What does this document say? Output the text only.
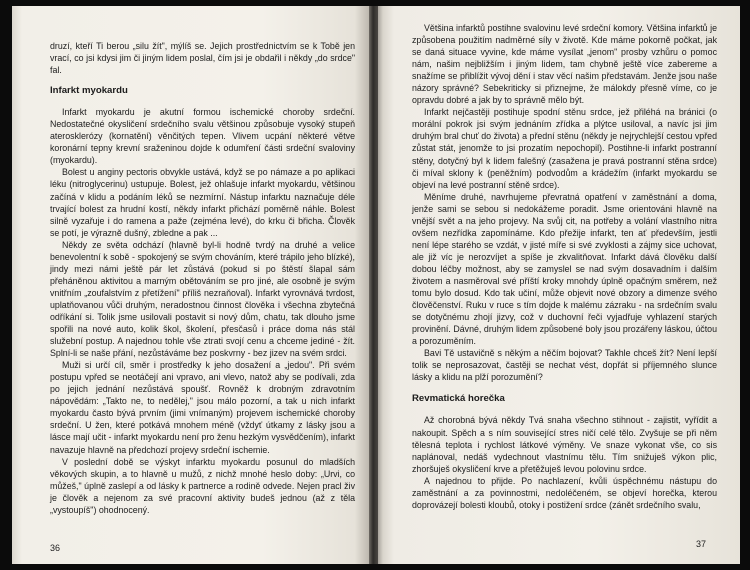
druzí, kteří Ti berou „silu žít", mýlíš se. Jejich prostřednictvím se k Tobě jen vrací, co jsi kdysi jim či jiným lidem poslal, čím jsi je obdařil i někdy „do srdce" fal.

Infarkt myokardu

Infarkt myokardu je akutní formou ischemické choroby srdeční. Nedostatečné okysličení srdečního svalu většinou způsobuje vysoký stupeň aterosklerózy (kornatění) věnčitých tepen. Vlivem ucpání některé větve koronární tepny krevní sraženinou dojde k odumření části srdeční svaloviny (myokardu).

Bolest u anginy pectoris obvykle ustává, když se po námaze a po aplikaci léku (nitroglycerinu) ustupuje. Bolest, jež ohlašuje infarkt myokardu, většinou začíná v klidu a podáním léků se nezmírní. Nástup infarktu naznačuje déle trvající bolest za hrudní kostí, někdy infarkt přichází poměrně náhle. Bolest silně vyzařuje i do ramena a paže (zejména levé), do krku či břicha. Člověk se potí, je výrazně dušný, zbledne a pak ...

Někdy ze světa odchází (hlavně byl-li hodně tvrdý na druhé a velice benevolentní k sobě - spokojený se svým chováním, které trápilo jeho blízké), jindy mezi námi ještě pár let zůstává (pokud si po štěstí šlapal sám přeháněnou aktivitou a marným obětováním se pro jiné, ale osobně je svým vnitřním „zoufalstvím z přetížení" příliš nezraňoval). Infarkt vyrovnává tvrdost, uplatňovanou vůči druhým, neradostnou činnost člověka i všechna zbytečná odříkání si. Tolik jsme usilovali postavit si nový dům, chatu, tak dlouho jsme spořili na nové auto, kolik škol, školení, přesčasů i práce doma nás stál služební postup. A najednou tohle vše ztrati svojí cenu a chceme jediné - žít. Splní-li se naše přání, nezůstáváme bez poskvrny - bez jizev na svém srdci.

Muži si určí cíl, směr i prostředky k jeho dosažení a „jedou". Při svém postupu vpřed se neotáčejí ani vpravo, ani vlevo, natož aby se podívali, zda po jejich jednání nezůstává spoušť. Rovněž k drobným zdravotním nápovědám: „Takto ne, to nedělej," jsou málo pozorní, a tak u nich infarkt myokardu často bývá prvním (jimi vnímaným) projevem ischemické choroby srdeční. U žen, které potkává mnohem méně (vždyť útkamy z lásky jsou a lásce mají učit - infarkt myokardu není pro ženu hezkým vysvědčením), infarkt navazuje hlavně na předchozí projevy srdeční ischemie.

V poslední době se výskyt infarktu myokardu posunul do mladších věkových skupin, a to hlavně u mužů, z nichž mnohé heslo doby: „Urvi, co můžeš," úplně zaslepí a od lásky k partnerce a rodině odvede. Nejen pracl živ je člověk a nejenom za své pracovní aktivity budeš jednou (až z těla „vystoupíš") ohodnocený.

36

Většina infarktů postihne svalovinu levé srdeční komory. Většina infarktů je způsobena použitím nadměrné síly v životě. Kde máme pokorně počkat, jak se daná situace vyvine, kde máme vysílat „jenom" prosby vzhůru o pomoc nám, našim nejbližším i jiným lidem, tam chybně ještě více zabereme a snažíme se přiblížit vývoj dění i stav věcí našim představám. Jenže jsou naše názory správné? Sebekriticky si přiznejme, že málokdy přesně víme, co je opravdu dobré a jak by to správně mělo být.

Infarkt nejčastěji postihuje spodní stěnu srdce, jež přiléhá na bránici (o morální pokrok jsi svým jednáním zřídka a plýtce usiloval, a navíc jsi jim druhým bral chuť do života) a přední stěnu (někdy je nejrychlejší cestou vpřed zůstat stát, jenomže to jsi prozatím nepochopil). Postihne-li infarkt postranní stěny, dotyčný byl k lidem falešný (zasažena je pravá postranní stěna srdce) či míval sklony k (peněžním) podvodům a krádežím (infarkt myokardu se objeví na levé postranní stěně srdce).

Měníme druhé, navrhujeme převratná opatření v zaměstnání a doma, jenže sami se sebou si nedokážeme poradit. Jsme orientováni hlavně na vnější svět a na jeho projevy. Na svůj cit, na potřeby a volání vlastního nitra ovšem nezřídka zapomínáme. Kdo přežije infarkt, ten ať především, jestli není lépe starého se vzdát, v jisté míře si své zvyklosti a zájmy sice uchovat, ale již víc je nerozvíjet a spíše je zkvalitňovat. Infarkt dává člověku další dobou léčby možnost, aby se zamyslel se nad svým dosavadním i dalším životem a nasměroval své příští kroky mnohdy úplně opačným směrem, než tomu bylo dosud. Kdo tak učiní, může objevit nové obzory a dimenze svého člověčenství. Ruku v ruce s tím dojde k malému zázraku - na srdečním svalu se dotyčnému zhojí jizvy, což v duchovní řeči vyjadřuje vyhlazení starých provinění. Dávné, druhým lidem způsobené boly jsou prozářeny láskou, účtou a porozuměním.

Bavi Tě ustavičně s někým a něčím bojovat? Takhle chceš žít? Není lepší tolik se neprosazovat, častěji se nechat vést, dopřát si příjemného slunce lásky a klidu na plží porozumění?

Revmatická horečka

Až chorobná bývá někdy Tvá snaha všechno stihnout - zajistit, vyřídit a nakoupit. Spěch a s ním související stres ničí celé tělo. Zvyšuje se při něm tělesná teplota i rychlost látkové výměny. Ve snaze vykonat vše, co sis naplánoval, nedáš vydechnout vlastnímu tělu. Tím snižuješ výkon plic, zhoršuješ okysličení krve a přetěžuješ levou polovinu srdce.

A najednou to přijde. Po nachlazení, kvůli úspěchnému nástupu do zaměstnání a za povinnostmi, nedoléčeném, se objeví horečka, kterou doprovázejí bolesti kloubů, otoky i postižení srdce (zánět srdečního svalu,

37
